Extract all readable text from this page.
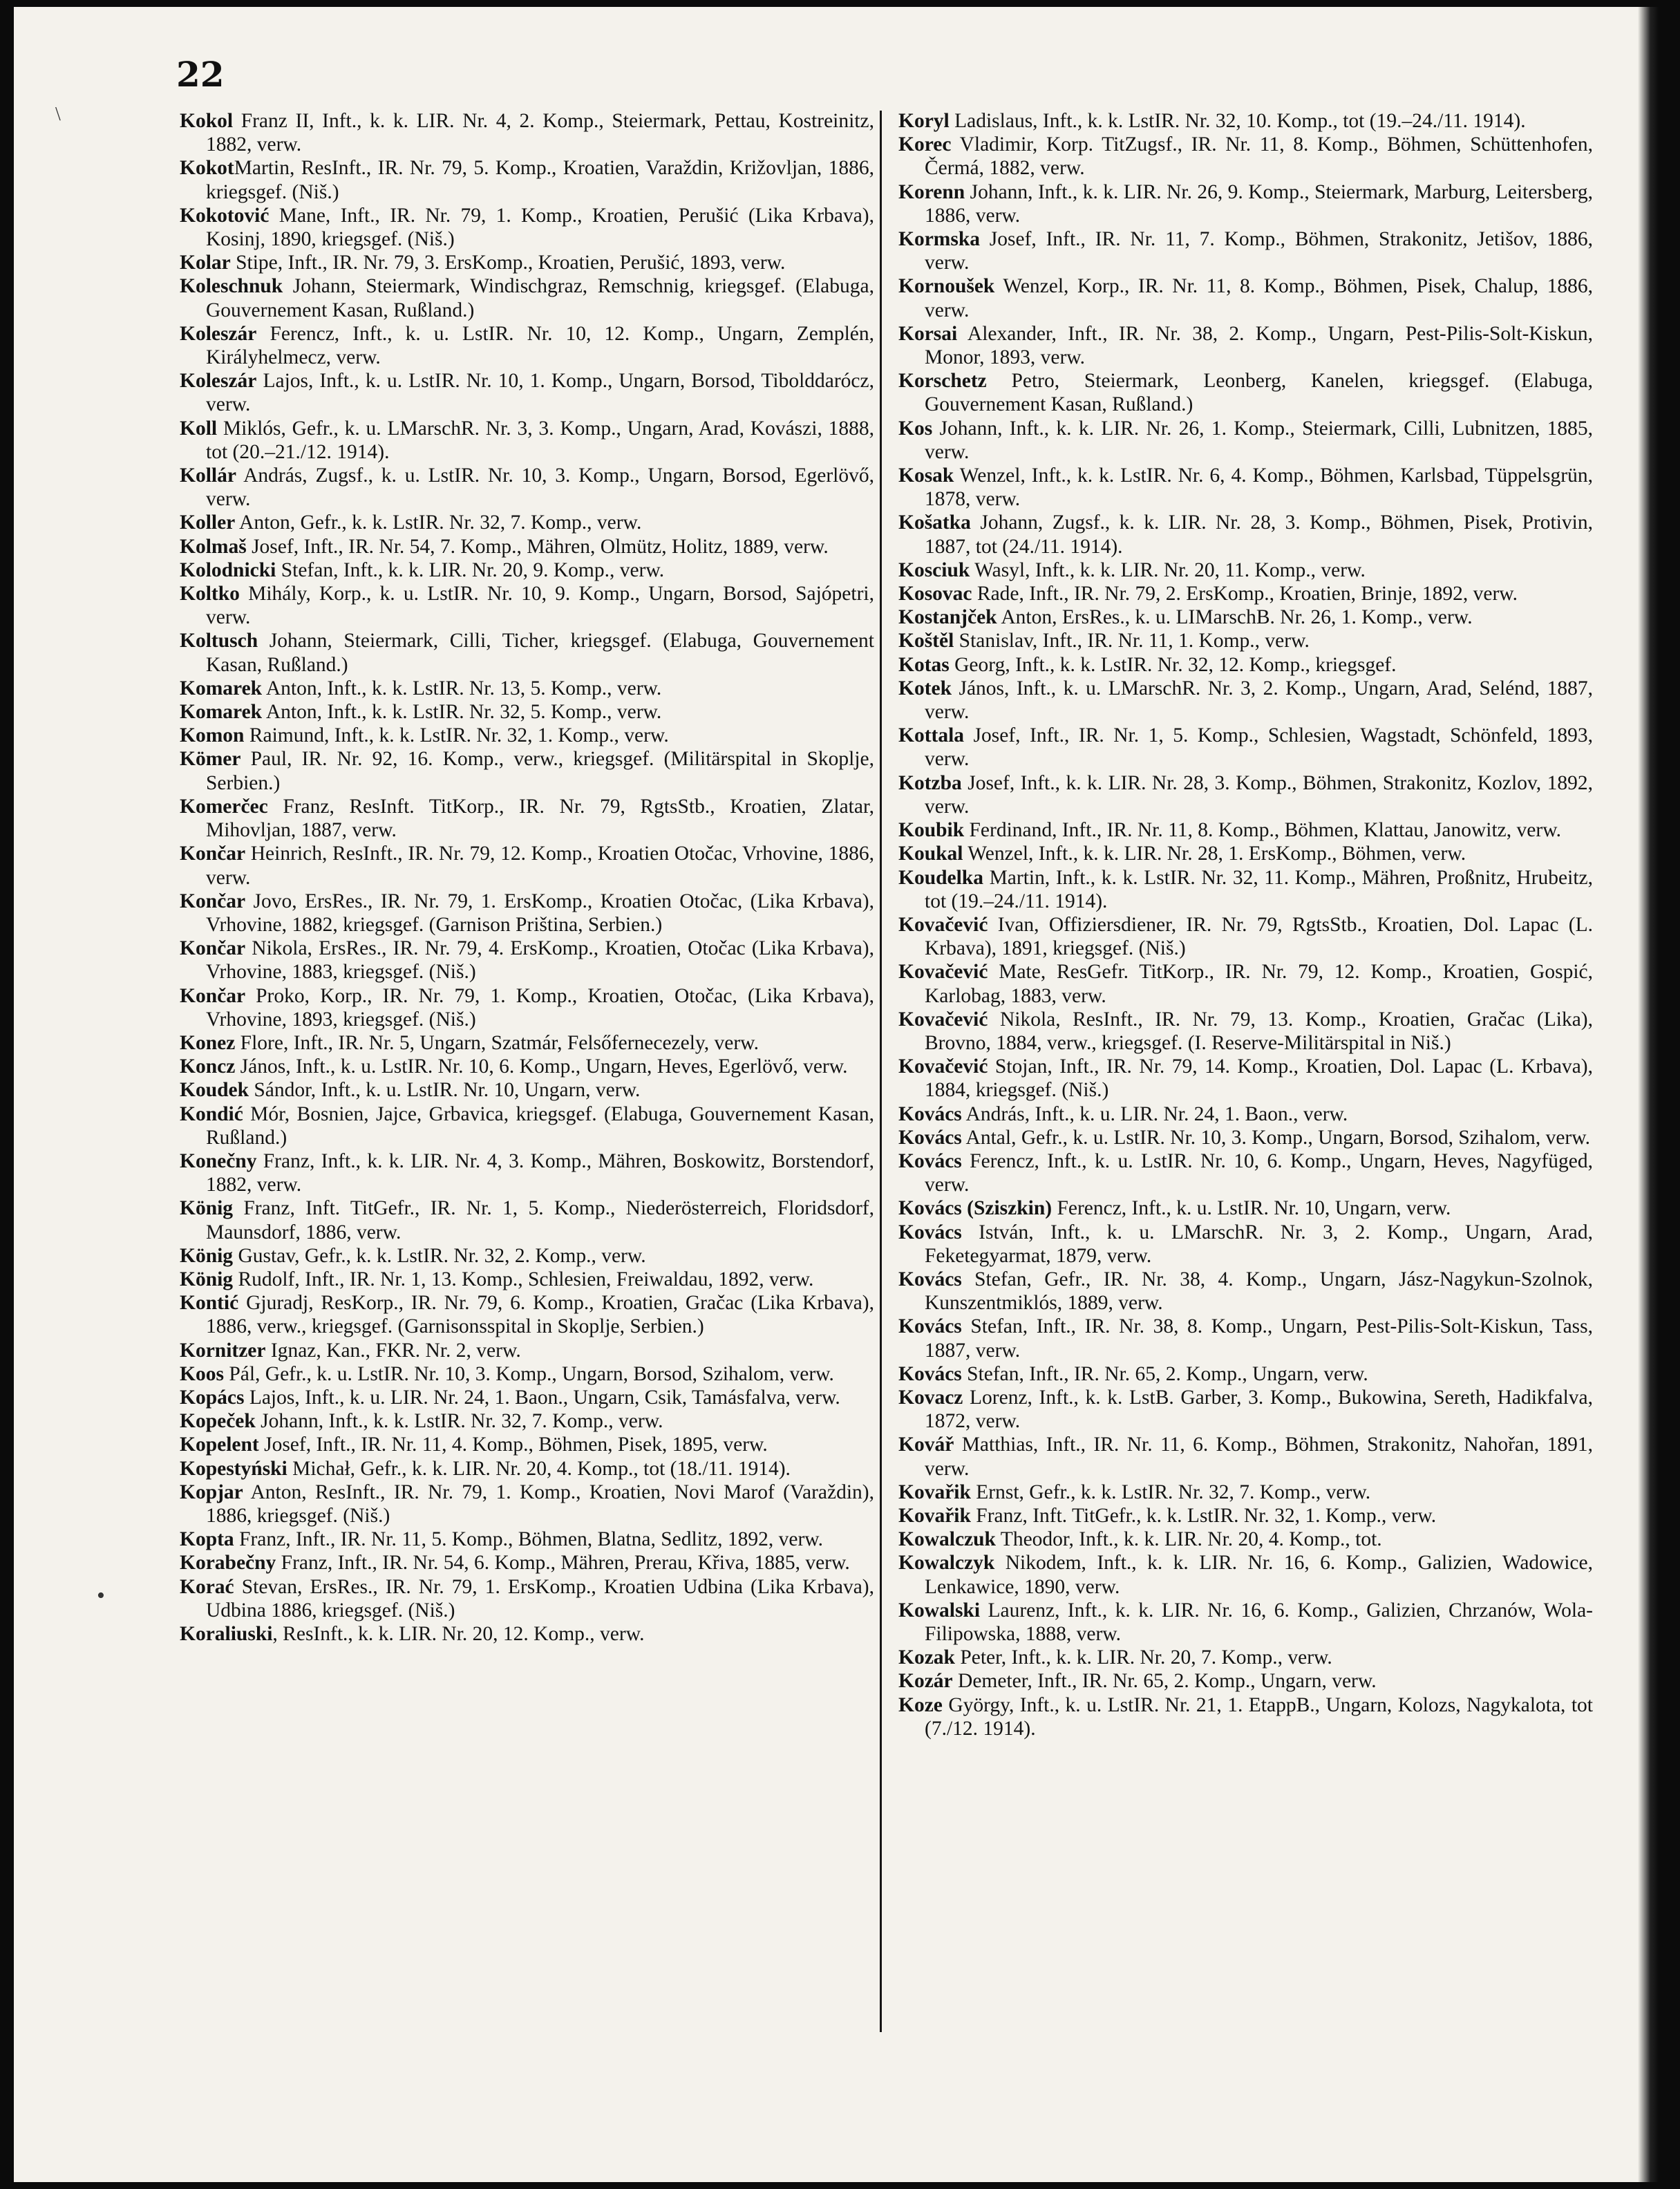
22

Kokol Franz II, Inft., k. k. LIR. Nr. 4, 2. Komp., Steiermark, Pettau, Kostreinitz, 1882, verw.

KokotMartin, ResInft., IR. Nr. 79, 5. Komp., Kroatien, Varaždin, Križovljan, 1886, kriegsgef. (Niš.)

Kokotović Mane, Inft., IR. Nr. 79, 1. Komp., Kroatien, Perušić (Lika Krbava), Kosinj, 1890, kriegsgef. (Niš.)

Kolar Stipe, Inft., IR. Nr. 79, 3. ErsKomp., Kroatien, Perušić, 1893, verw.

Koleschnuk Johann, Steiermark, Windischgraz, Remschnig, kriegsgef. (Elabuga, Gouvernement Kasan, Rußland.)

Koleszár Ferencz, Inft., k. u. LstIR. Nr. 10, 12. Komp., Ungarn, Zemplén, Királyhelmecz, verw.

Koleszár Lajos, Inft., k. u. LstIR. Nr. 10, 1. Komp., Ungarn, Borsod, Tibolddarócz, verw.

Koll Miklós, Gefr., k. u. LMarschR. Nr. 3, 3. Komp., Ungarn, Arad, Kovászi, 1888, tot (20.–21./12. 1914).

Kollár András, Zugsf., k. u. LstIR. Nr. 10, 3. Komp., Ungarn, Borsod, Egerlövő, verw.

Koller Anton, Gefr., k. k. LstIR. Nr. 32, 7. Komp., verw.

Kolmaš Josef, Inft., IR. Nr. 54, 7. Komp., Mähren, Olmütz, Holitz, 1889, verw.

Kolodnicki Stefan, Inft., k. k. LIR. Nr. 20, 9. Komp., verw.

Koltko Mihály, Korp., k. u. LstIR. Nr. 10, 9. Komp., Ungarn, Borsod, Sajópetri, verw.

Koltusch Johann, Steiermark, Cilli, Ticher, kriegsgef. (Elabuga, Gouvernement Kasan, Rußland.)

Komarek Anton, Inft., k. k. LstIR. Nr. 13, 5. Komp., verw.

Komarek Anton, Inft., k. k. LstIR. Nr. 32, 5. Komp., verw.

Komon Raimund, Inft., k. k. LstIR. Nr. 32, 1. Komp., verw.

Kömer Paul, IR. Nr. 92, 16. Komp., verw., kriegsgef. (Militärspital in Skoplje, Serbien.)

Komerčec Franz, ResInft. TitKorp., IR. Nr. 79, RgtsStb., Kroatien, Zlatar, Mihovljan, 1887, verw.

Končar Heinrich, ResInft., IR. Nr. 79, 12. Komp., Kroatien Otočac, Vrhovine, 1886, verw.

Končar Jovo, ErsRes., IR. Nr. 79, 1. ErsKomp., Kroatien Otočac, (Lika Krbava), Vrhovine, 1882, kriegsgef. (Garnison Priština, Serbien.)

Končar Nikola, ErsRes., IR. Nr. 79, 4. ErsKomp., Kroatien, Otočac (Lika Krbava), Vrhovine, 1883, kriegsgef. (Niš.)

Končar Proko, Korp., IR. Nr. 79, 1. Komp., Kroatien, Otočac, (Lika Krbava), Vrhovine, 1893, kriegsgef. (Niš.)

Konez Flore, Inft., IR. Nr. 5, Ungarn, Szatmár, Felsőfernecezely, verw.

Koncz János, Inft., k. u. LstIR. Nr. 10, 6. Komp., Ungarn, Heves, Egerlövő, verw.

Koudek Sándor, Inft., k. u. LstIR. Nr. 10, Ungarn, verw.

Kondić Mór, Bosnien, Jajce, Grbavica, kriegsgef. (Elabuga, Gouvernement Kasan, Rußland.)

Konečny Franz, Inft., k. k. LIR. Nr. 4, 3. Komp., Mähren, Boskowitz, Borstendorf, 1882, verw.

König Franz, Inft. TitGefr., IR. Nr. 1, 5. Komp., Niederösterreich, Floridsdorf, Maunsdorf, 1886, verw.

König Gustav, Gefr., k. k. LstIR. Nr. 32, 2. Komp., verw.

König Rudolf, Inft., IR. Nr. 1, 13. Komp., Schlesien, Freiwaldau, 1892, verw.

Kontić Gjuradj, ResKorp., IR. Nr. 79, 6. Komp., Kroatien, Gračac (Lika Krbava), 1886, verw., kriegsgef. (Garnisonsspital in Skoplje, Serbien.)

Kornitzer Ignaz, Kan., FKR. Nr. 2, verw.

Koos Pál, Gefr., k. u. LstIR. Nr. 10, 3. Komp., Ungarn, Borsod, Szihalom, verw.

Kopács Lajos, Inft., k. u. LIR. Nr. 24, 1. Baon., Ungarn, Csik, Tamásfalva, verw.

Kopeček Johann, Inft., k. k. LstIR. Nr. 32, 7. Komp., verw.

Kopelent Josef, Inft., IR. Nr. 11, 4. Komp., Böhmen, Pisek, 1895, verw.

Kopestyński Michał, Gefr., k. k. LIR. Nr. 20, 4. Komp., tot (18./11. 1914).

Kopjar Anton, ResInft., IR. Nr. 79, 1. Komp., Kroatien, Novi Marof (Varaždin), 1886, kriegsgef. (Niš.)

Kopta Franz, Inft., IR. Nr. 11, 5. Komp., Böhmen, Blatna, Sedlitz, 1892, verw.

Korabečny Franz, Inft., IR. Nr. 54, 6. Komp., Mähren, Prerau, Křiva, 1885, verw.

Korać Stevan, ErsRes., IR. Nr. 79, 1. ErsKomp., Kroatien Udbina (Lika Krbava), Udbina 1886, kriegsgef. (Niš.)

Koraliuski, ResInft., k. k. LIR. Nr. 20, 12. Komp., verw.

Koryl Ladislaus, Inft., k. k. LstIR. Nr. 32, 10. Komp., tot (19.–24./11. 1914).

Korec Vladimir, Korp. TitZugsf., IR. Nr. 11, 8. Komp., Böhmen, Schüttenhofen, Čermá, 1882, verw.

Korenn Johann, Inft., k. k. LIR. Nr. 26, 9. Komp., Steiermark, Marburg, Leitersberg, 1886, verw.

Kormska Josef, Inft., IR. Nr. 11, 7. Komp., Böhmen, Strakonitz, Jetišov, 1886, verw.

Kornoušek Wenzel, Korp., IR. Nr. 11, 8. Komp., Böhmen, Pisek, Chalup, 1886, verw.

Korsai Alexander, Inft., IR. Nr. 38, 2. Komp., Ungarn, Pest-Pilis-Solt-Kiskun, Monor, 1893, verw.

Korschetz Petro, Steiermark, Leonberg, Kanelen, kriegsgef. (Elabuga, Gouvernement Kasan, Rußland.)

Kos Johann, Inft., k. k. LIR. Nr. 26, 1. Komp., Steiermark, Cilli, Lubnitzen, 1885, verw.

Kosak Wenzel, Inft., k. k. LstIR. Nr. 6, 4. Komp., Böhmen, Karlsbad, Tüppelsgrün, 1878, verw.

Košatka Johann, Zugsf., k. k. LIR. Nr. 28, 3. Komp., Böhmen, Pisek, Protivin, 1887, tot (24./11. 1914).

Kosciuk Wasyl, Inft., k. k. LIR. Nr. 20, 11. Komp., verw.

Kosovac Rade, Inft., IR. Nr. 79, 2. ErsKomp., Kroatien, Brinje, 1892, verw.

Kostanjček Anton, ErsRes., k. u. LIMarschB. Nr. 26, 1. Komp., verw.

Koštěl Stanislav, Inft., IR. Nr. 11, 1. Komp., verw.

Kotas Georg, Inft., k. k. LstIR. Nr. 32, 12. Komp., kriegsgef.

Kotek János, Inft., k. u. LMarschR. Nr. 3, 2. Komp., Ungarn, Arad, Selénd, 1887, verw.

Kottala Josef, Inft., IR. Nr. 1, 5. Komp., Schlesien, Wagstadt, Schönfeld, 1893, verw.

Kotzba Josef, Inft., k. k. LIR. Nr. 28, 3. Komp., Böhmen, Strakonitz, Kozlov, 1892, verw.

Koubik Ferdinand, Inft., IR. Nr. 11, 8. Komp., Böhmen, Klattau, Janowitz, verw.

Koukal Wenzel, Inft., k. k. LIR. Nr. 28, 1. ErsKomp., Böhmen, verw.

Koudelka Martin, Inft., k. k. LstIR. Nr. 32, 11. Komp., Mähren, Proßnitz, Hrubeitz, tot (19.–24./11. 1914).

Kovačević Ivan, Offiziersdiener, IR. Nr. 79, RgtsStb., Kroatien, Dol. Lapac (L. Krbava), 1891, kriegsgef. (Niš.)

Kovačević Mate, ResGefr. TitKorp., IR. Nr. 79, 12. Komp., Kroatien, Gospić, Karlobag, 1883, verw.

Kovačević Nikola, ResInft., IR. Nr. 79, 13. Komp., Kroatien, Gračac (Lika), Brovno, 1884, verw., kriegsgef. (I. Reserve-Militärspital in Niš.)

Kovačević Stojan, Inft., IR. Nr. 79, 14. Komp., Kroatien, Dol. Lapac (L. Krbava), 1884, kriegsgef. (Niš.)

Kovács András, Inft., k. u. LIR. Nr. 24, 1. Baon., verw.

Kovács Antal, Gefr., k. u. LstIR. Nr. 10, 3. Komp., Ungarn, Borsod, Szihalom, verw.

Kovács Ferencz, Inft., k. u. LstIR. Nr. 10, 6. Komp., Ungarn, Heves, Nagyfüged, verw.

Kovács (Sziszkin) Ferencz, Inft., k. u. LstIR. Nr. 10, Ungarn, verw.

Kovács István, Inft., k. u. LMarschR. Nr. 3, 2. Komp., Ungarn, Arad, Feketegyarmat, 1879, verw.

Kovács Stefan, Gefr., IR. Nr. 38, 4. Komp., Ungarn, Jász-Nagykun-Szolnok, Kunszentmiklós, 1889, verw.

Kovács Stefan, Inft., IR. Nr. 38, 8. Komp., Ungarn, Pest-Pilis-Solt-Kiskun, Tass, 1887, verw.

Kovács Stefan, Inft., IR. Nr. 65, 2. Komp., Ungarn, verw.

Kovacz Lorenz, Inft., k. k. LstB. Garber, 3. Komp., Bukowina, Sereth, Hadikfalva, 1872, verw.

Kovář Matthias, Inft., IR. Nr. 11, 6. Komp., Böhmen, Strakonitz, Nahořan, 1891, verw.

Kovařik Ernst, Gefr., k. k. LstIR. Nr. 32, 7. Komp., verw.

Kovařik Franz, Inft. TitGefr., k. k. LstIR. Nr. 32, 1. Komp., verw.

Kowalczuk Theodor, Inft., k. k. LIR. Nr. 20, 4. Komp., tot.

Kowalczyk Nikodem, Inft., k. k. LIR. Nr. 16, 6. Komp., Galizien, Wadowice, Lenkawice, 1890, verw.

Kowalski Laurenz, Inft., k. k. LIR. Nr. 16, 6. Komp., Galizien, Chrzanów, Wola-Filipowska, 1888, verw.

Kozak Peter, Inft., k. k. LIR. Nr. 20, 7. Komp., verw.

Kozár Demeter, Inft., IR. Nr. 65, 2. Komp., Ungarn, verw.

Koze György, Inft., k. u. LstIR. Nr. 21, 1. EtappB., Ungarn, Kolozs, Nagykalota, tot (7./12. 1914).

\
•
